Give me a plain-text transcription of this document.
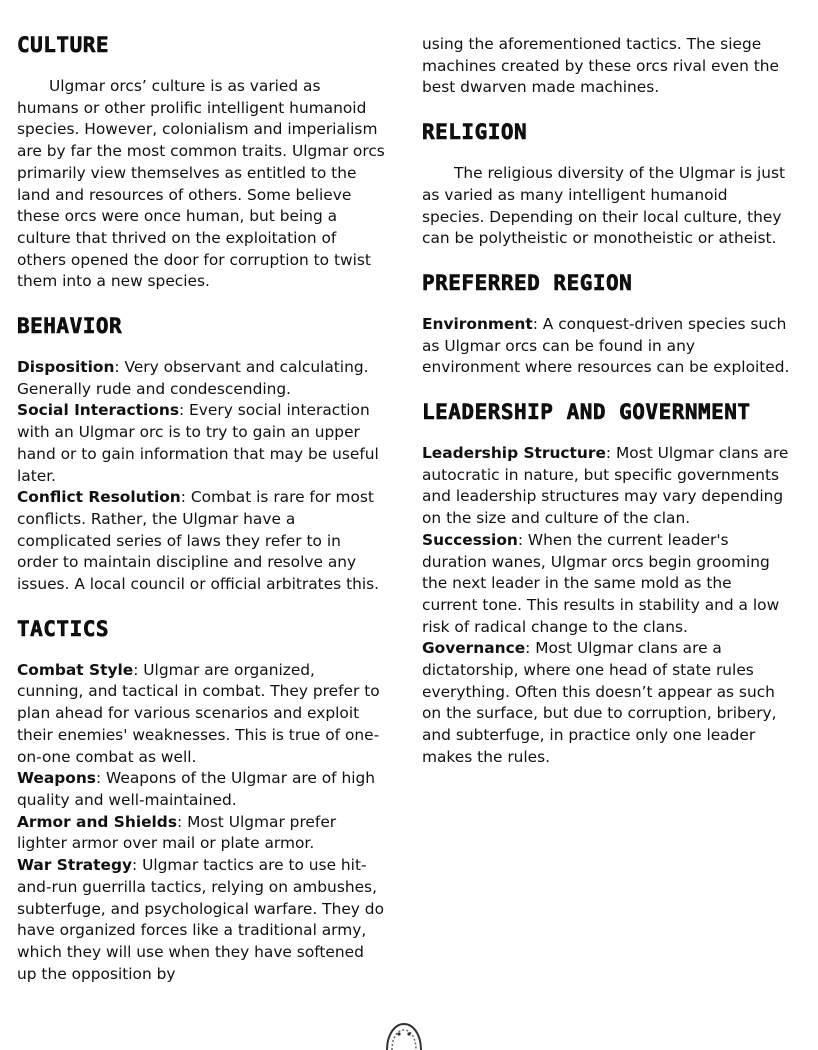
CULTURE

Ulgmar orcs’ culture is as varied as humans or other prolific intelligent humanoid species. However, colonialism and imperialism are by far the most common traits. Ulgmar orcs primarily view themselves as entitled to the land and resources of others. Some believe these orcs were once human, but being a culture that thrived on the exploitation of others opened the door for corruption to twist them into a new species.

BEHAVIOR

Disposition: Very observant and calculating. Generally rude and condescending.

Social Interactions: Every social interaction with an Ulgmar orc is to try to gain an upper hand or to gain information that may be useful later.

Conflict Resolution: Combat is rare for most conflicts. Rather, the Ulgmar have a complicated series of laws they refer to in order to maintain discipline and resolve any issues. A local council or official arbitrates this.

TACTICS

Combat Style: Ulgmar are organized, cunning, and tactical in combat. They prefer to plan ahead for various scenarios and exploit their enemies' weaknesses. This is true of one-on-one combat as well.

Weapons: Weapons of the Ulgmar are of high quality and well-maintained.

Armor and Shields: Most Ulgmar prefer lighter armor over mail or plate armor.

War Strategy: Ulgmar tactics are to use hit-and-run guerrilla tactics, relying on ambushes, subterfuge, and psychological warfare. They do have organized forces like a traditional army, which they will use when they have softened up the opposition by

using the aforementioned tactics. The siege machines created by these orcs rival even the best dwarven made machines.

RELIGION

The religious diversity of the Ulgmar is just as varied as many intelligent humanoid species. Depending on their local culture, they can be polytheistic or monotheistic or atheist.

PREFERRED REGION

Environment: A conquest-driven species such as Ulgmar orcs can be found in any environment where resources can be exploited.

LEADERSHIP AND GOVERNMENT

Leadership Structure: Most Ulgmar clans are autocratic in nature, but specific governments and leadership structures may vary depending on the size and culture of the clan.

Succession: When the current leader's duration wanes, Ulgmar orcs begin grooming the next leader in the same mold as the current tone. This results in stability and a low risk of radical change to the clans.

Governance: Most Ulgmar clans are a dictatorship, where one head of state rules everything. Often this doesn’t appear as such on the surface, but due to corruption, bribery, and subterfuge, in practice only one leader makes the rules.
